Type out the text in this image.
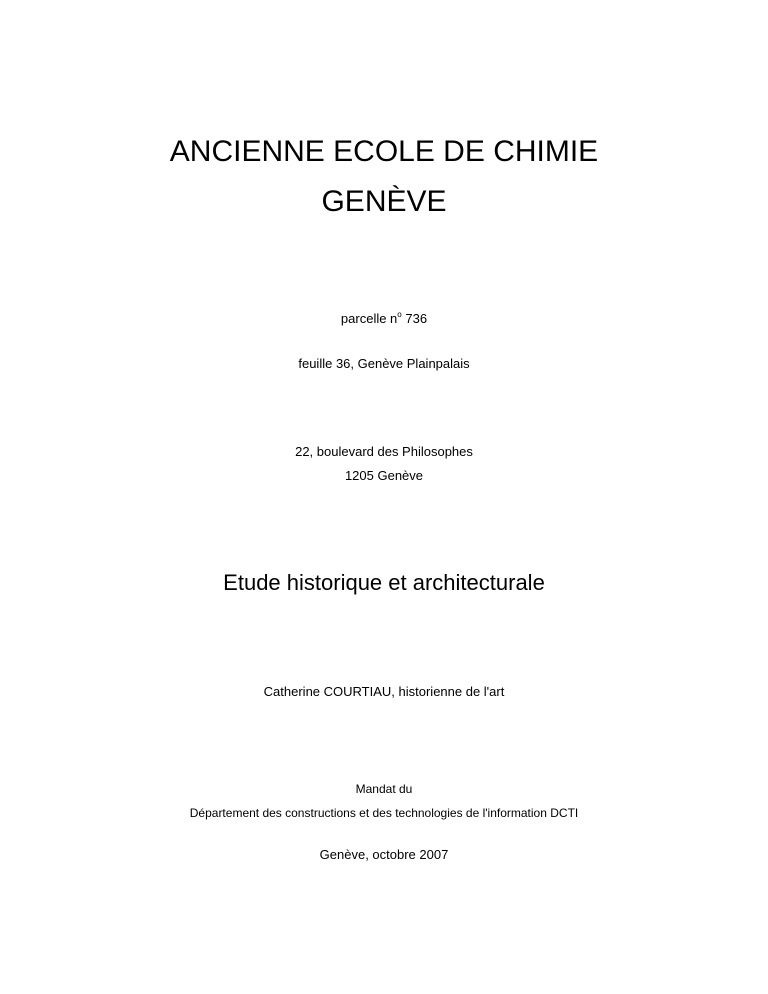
ANCIENNE ECOLE DE CHIMIE
GENÈVE
parcelle $n^o$ 736
feuille 36, Genève Plainpalais
22, boulevard des Philosophes
1205 Genève
Etude historique et architecturale
Catherine COURTIAU, historienne de l'art
Mandat du
Département des constructions et des technologies de l'information DCTI
Genève, octobre 2007
